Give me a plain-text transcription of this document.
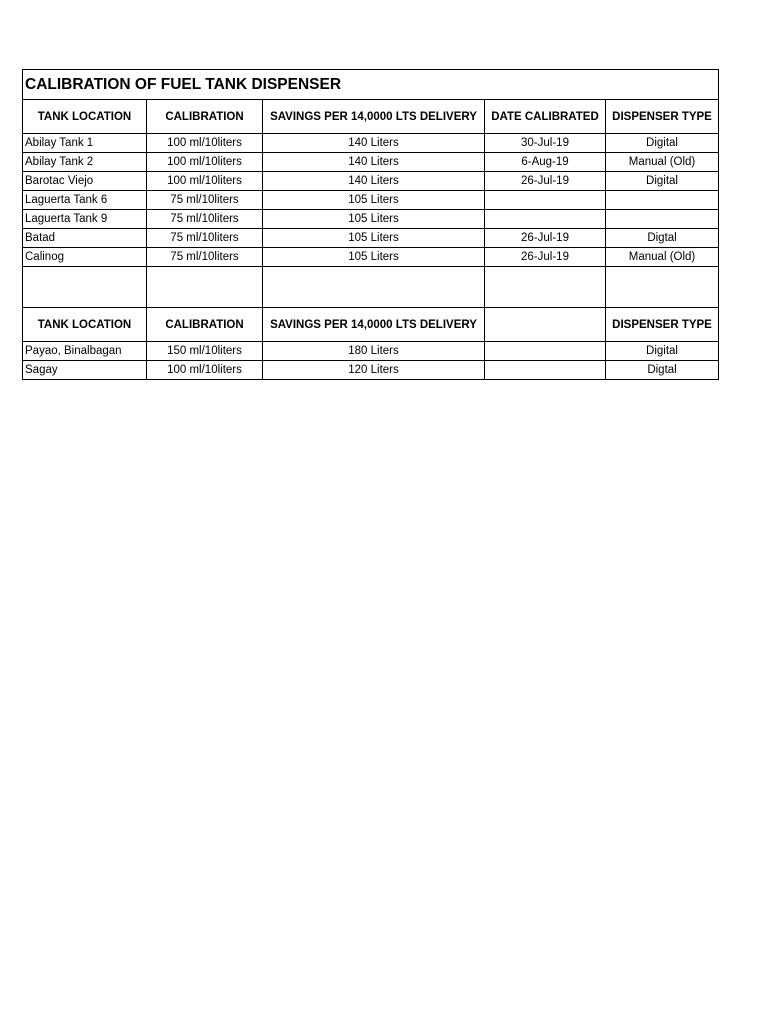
CALIBRATION OF FUEL TANK DISPENSER				
TANK LOCATION	CALIBRATION	SAVINGS PER 14,0000 LTS DELIVERY	DATE CALIBRATED	DISPENSER TYPE
Abilay Tank 1	100 ml/10liters	140 Liters	30-Jul-19	Digital
Abilay Tank 2	100 ml/10liters	140 Liters	6-Aug-19	Manual (Old)
Barotac Viejo	100 ml/10liters	140 Liters	26-Jul-19	Digital
Laguerta Tank 6	75 ml/10liters	105 Liters		
Laguerta Tank 9	75 ml/10liters	105 Liters		
Batad	75 ml/10liters	105 Liters	26-Jul-19	Digtal
Calinog	75 ml/10liters	105 Liters	26-Jul-19	Manual (Old)

TANK LOCATION	CALIBRATION	SAVINGS PER 14,0000 LTS DELIVERY		DISPENSER TYPE
Payao, Binalbagan	150 ml/10liters	180 Liters		Digital
Sagay	100 ml/10liters	120 Liters		Digtal
